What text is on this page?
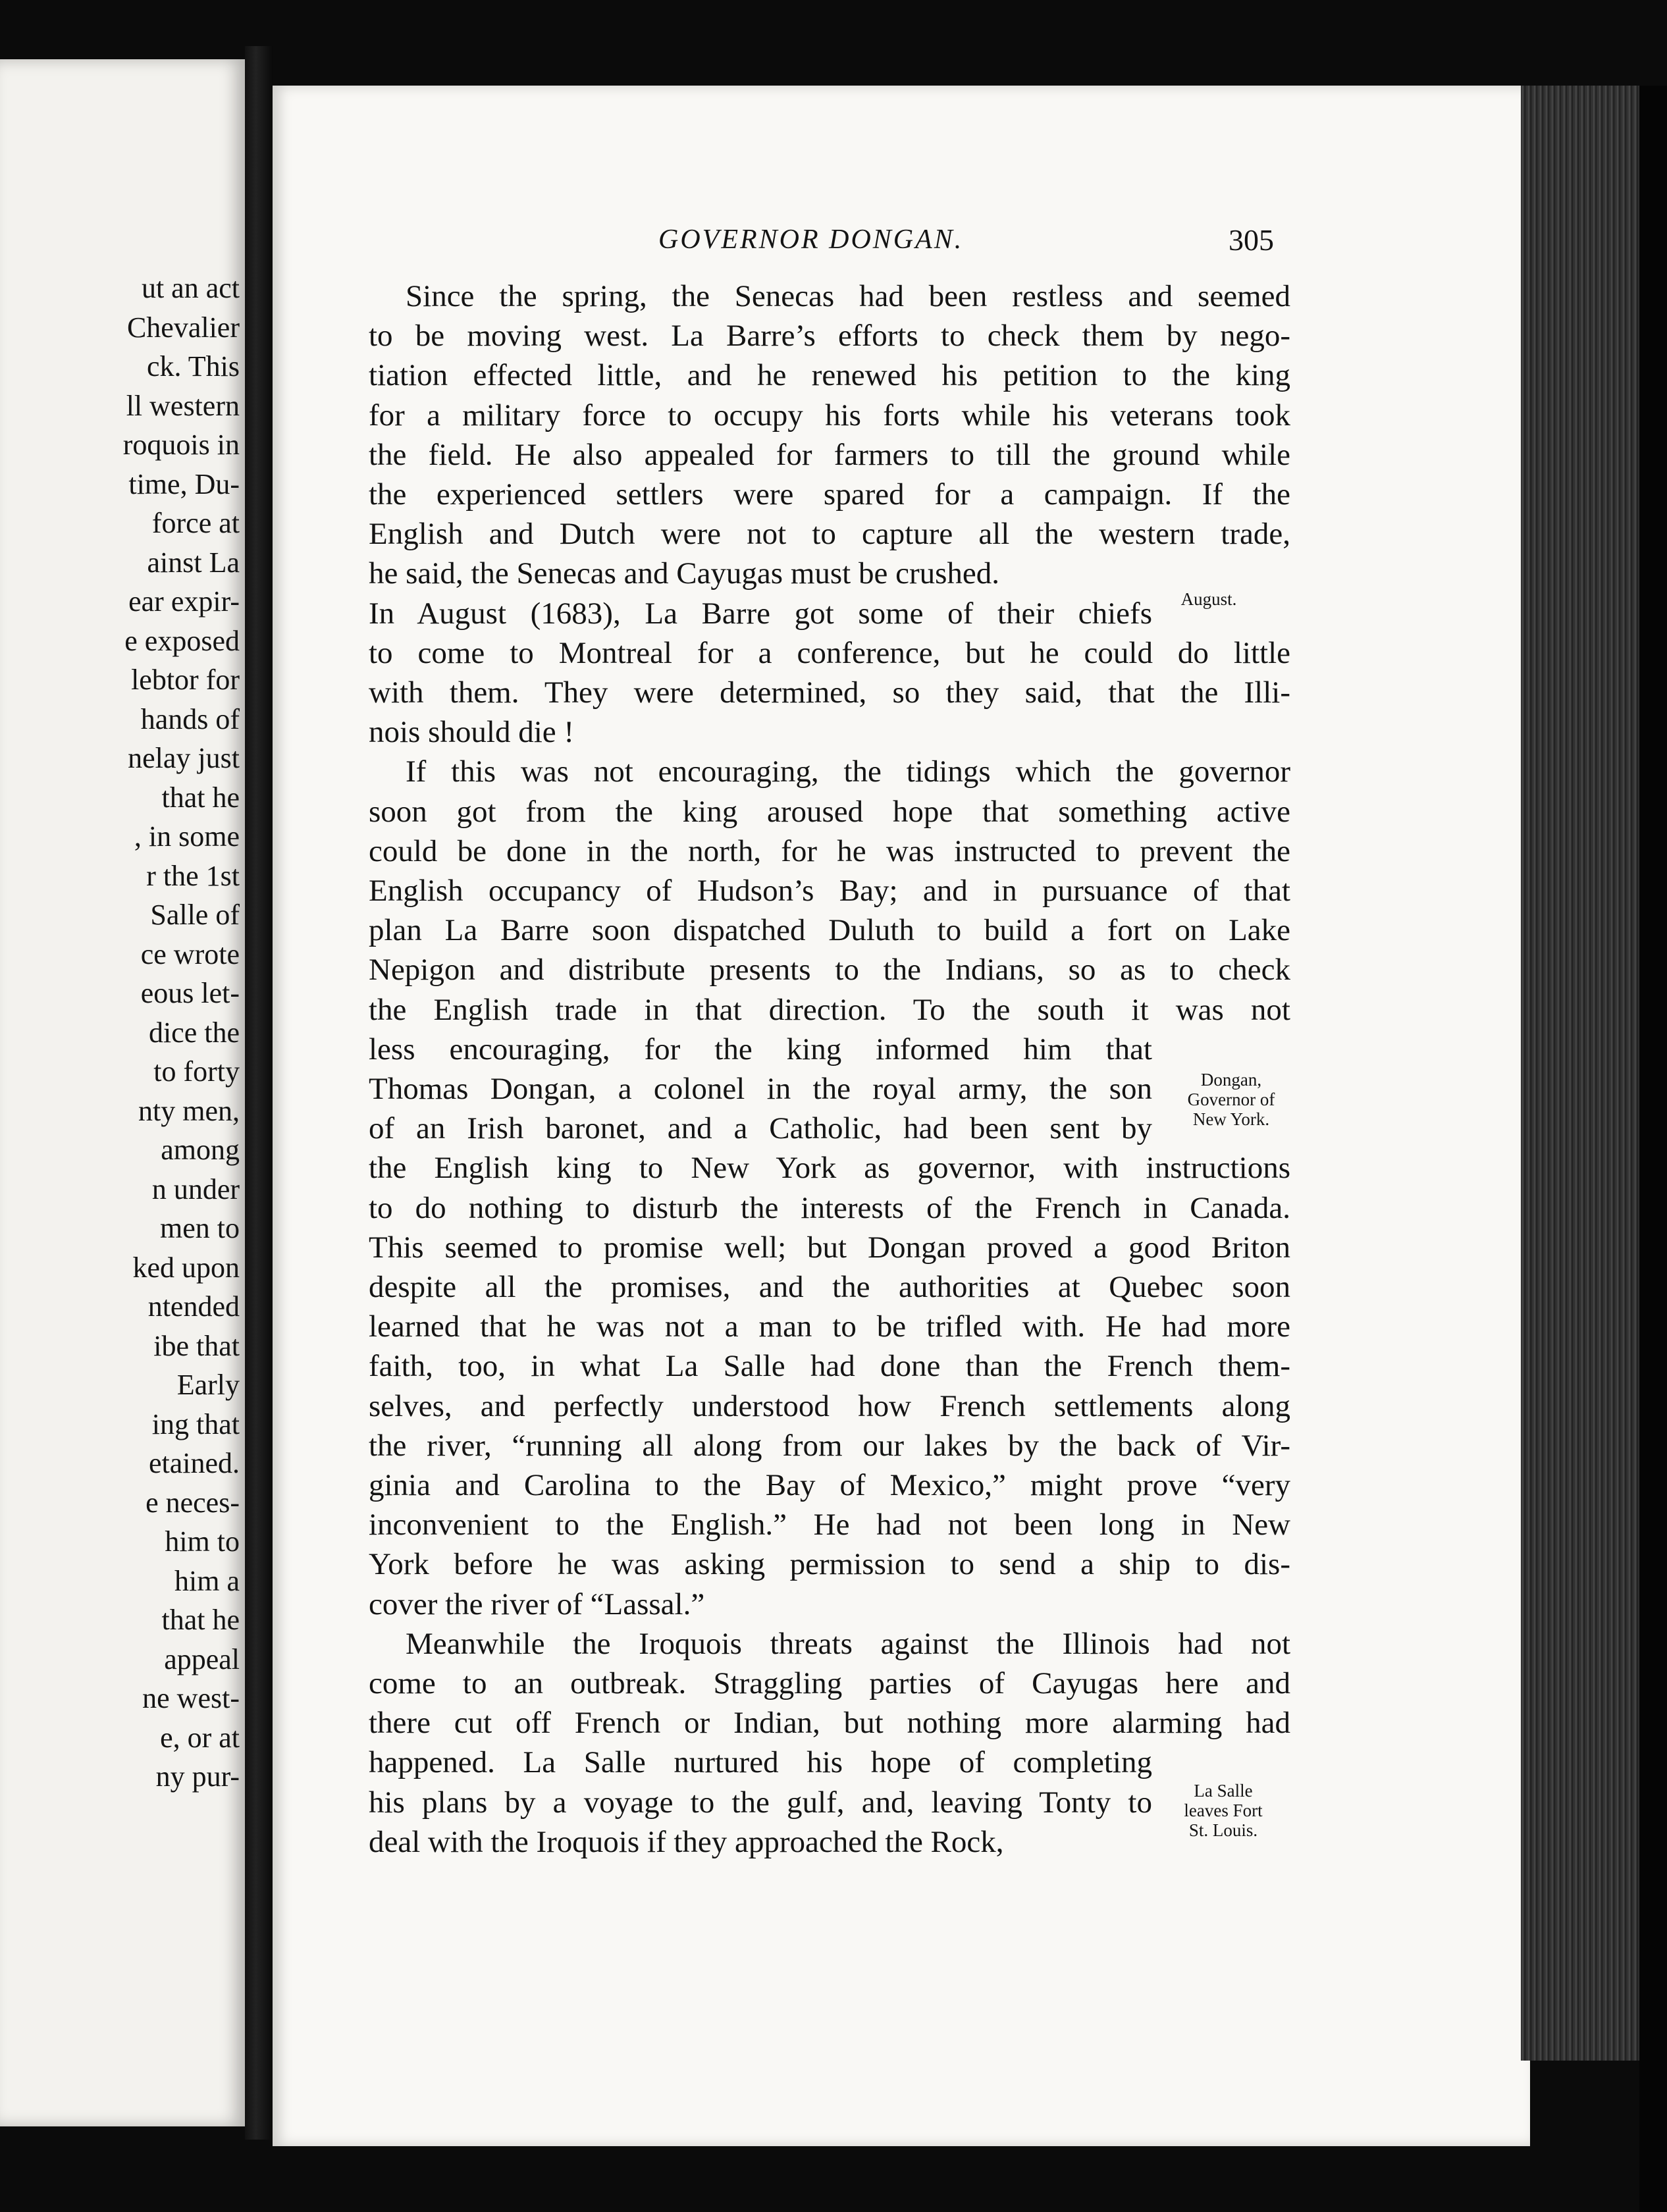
ut an act
Chevalier
ck. This
ll western
roquois in
time, Du-
force at
ainst La
ear expir-
e exposed
lebtor for
hands of
nelay just
that he
, in some
r the 1st
Salle of
ce wrote
eous let-
dice the
to forty
nty men,
among
n under
men to
ked upon
ntended
ibe that
Early
ing that
etained.
e neces-
him to
him a
that he
appeal
ne west-
e, or at
ny pur-
GOVERNOR DONGAN.	305
Since the spring, the Senecas had been restless and seemed
to be moving west. La Barre’s efforts to check them by nego-
tiation effected little, and he renewed his petition to the king
for a military force to occupy his forts while his veterans took
the field. He also appealed for farmers to till the ground while
the experienced settlers were spared for a campaign. If the
English and Dutch were not to capture all the western trade,
he said, the Senecas and Cayugas must be crushed.
In August (1683), La Barre got some of their chiefs
to come to Montreal for a conference, but he could do little
with them. They were determined, so they said, that the Illi-
nois should die !
If this was not encouraging, the tidings which the governor
soon got from the king aroused hope that something active
could be done in the north, for he was instructed to prevent the
English occupancy of Hudson’s Bay; and in pursuance of that
plan La Barre soon dispatched Duluth to build a fort on Lake
Nepigon and distribute presents to the Indians, so as to check
the English trade in that direction. To the south it was not
less encouraging, for the king informed him that
Thomas Dongan, a colonel in the royal army, the son
of an Irish baronet, and a Catholic, had been sent by
the English king to New York as governor, with instructions
to do nothing to disturb the interests of the French in Canada.
This seemed to promise well; but Dongan proved a good Briton
despite all the promises, and the authorities at Quebec soon
learned that he was not a man to be trifled with. He had more
faith, too, in what La Salle had done than the French them-
selves, and perfectly understood how French settlements along
the river, “running all along from our lakes by the back of Vir-
ginia and Carolina to the Bay of Mexico,” might prove “very
inconvenient to the English.” He had not been long in New
York before he was asking permission to send a ship to dis-
cover the river of “Lassal.”
Meanwhile the Iroquois threats against the Illinois had not
come to an outbreak. Straggling parties of Cayugas here and
there cut off French or Indian, but nothing more alarming had
happened. La Salle nurtured his hope of completing
his plans by a voyage to the gulf, and, leaving Tonty to
deal with the Iroquois if they approached the Rock,
August.
Dongan,
Governor of
New York.
La Salle
leaves Fort
St. Louis.
